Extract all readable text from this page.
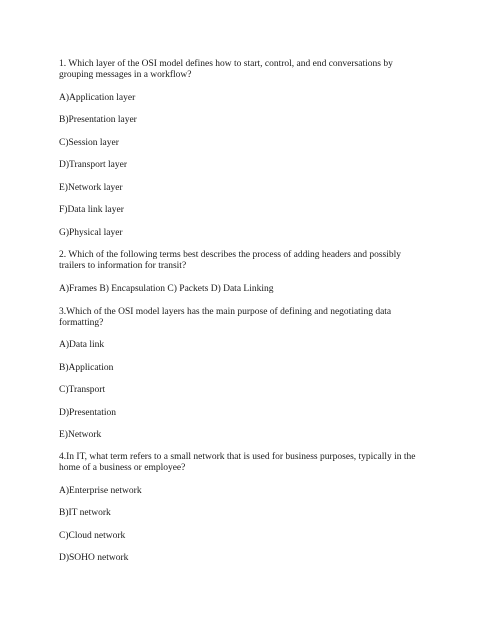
1. Which layer of the OSI model defines how to start, control, and end conversations by
grouping messages in a workflow?
A)Application layer
B)Presentation layer
C)Session layer
D)Transport layer
E)Network layer
F)Data link layer
G)Physical layer
2. Which of the following terms best describes the process of adding headers and possibly
trailers to information for transit?
A)Frames B) Encapsulation C) Packets D) Data Linking
3.Which of the OSI model layers has the main purpose of defining and negotiating data
formatting?
A)Data link
B)Application
C)Transport
D)Presentation
E)Network
4.In IT, what term refers to a small network that is used for business purposes, typically in the
home of a business or employee?
A)Enterprise network
B)IT network
C)Cloud network
D)SOHO network
